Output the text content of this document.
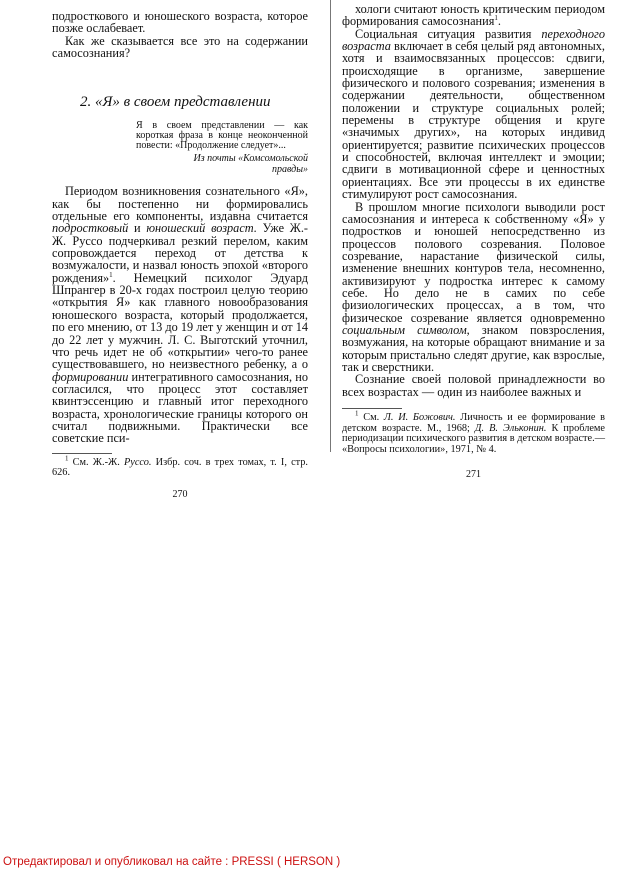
подросткового и юношеского возраста, которое позже ослабевает.

Как же сказывается все это на содержании самосознания?

2. «Я» в своем представлении
Я в своем представлении — как короткая фраза в конце неоконченной повести: «Продолжение следует»...
Из почты «Комсомольской
правды»

Периодом возникновения сознательного «Я», как бы постепенно ни формировались отдельные его компоненты, издавна считается подростковый и юношеский возраст. Уже Ж.-Ж. Руссо подчеркивал резкий перелом, каким сопровождается переход от детства к возмужалости, и назвал юность эпохой «второго рождения»$^1$. Немецкий психолог Эдуард Шпрангер в 20-х годах построил целую теорию «открытия Я» как главного новообразования юношеского возраста, который продолжается, по его мнению, от 13 до 19 лет у женщин и от 14 до 22 лет у мужчин. Л. С. Выготский уточнил, что речь идет не об «открытии» чего-то ранее существовавшего, но неизвестного ребенку, а о формировании интегративного самосознания, но согласился, что процесс этот составляет квинтэссенцию и главный итог переходного возраста, хронологические границы которого он считал подвижными. Практически все советские пси-

$^1$ См. Ж.-Ж. Руссо. Избр. соч. в трех томах, т. I, стр. 626.

270

хологи считают юность критическим периодом формирования самосознания$^1$.

Социальная ситуация развития переходного возраста включает в себя целый ряд автономных, хотя и взаимосвязанных процессов: сдвиги, происходящие в организме, завершение физического и полового созревания; изменения в содержании деятельности, общественном положении и структуре социальных ролей; перемены в структуре общения и круге «значимых других», на которых индивид ориентируется; развитие психических процессов и способностей, включая интеллект и эмоции; сдвиги в мотивационной сфере и ценностных ориентациях. Все эти процессы в их единстве стимулируют рост самосознания.

В прошлом многие психологи выводили рост самосознания и интереса к собственному «Я» у подростков и юношей непосредственно из процессов полового созревания. Половое созревание, нарастание физической силы, изменение внешних контуров тела, несомненно, активизируют у подростка интерес к самому себе. Но дело не в самих по себе физиологических процессах, а в том, что физическое созревание является одновременно социальным символом, знаком повзросления, возмужания, на которые обращают внимание и за которым пристально следят другие, как взрослые, так и сверстники.

Сознание своей половой принадлежности во всех возрастах — один из наиболее важных и

$^1$ См. Л. И. Божович. Личность и ее формирование в детском возрасте. М., 1968; Д. В. Эльконин. К проблеме периодизации психического развития в детском возрасте.— «Вопросы психологии», 1971, № 4.

271
Отредактировал и опубликовал на сайте : PRESSI ( HERSON )
